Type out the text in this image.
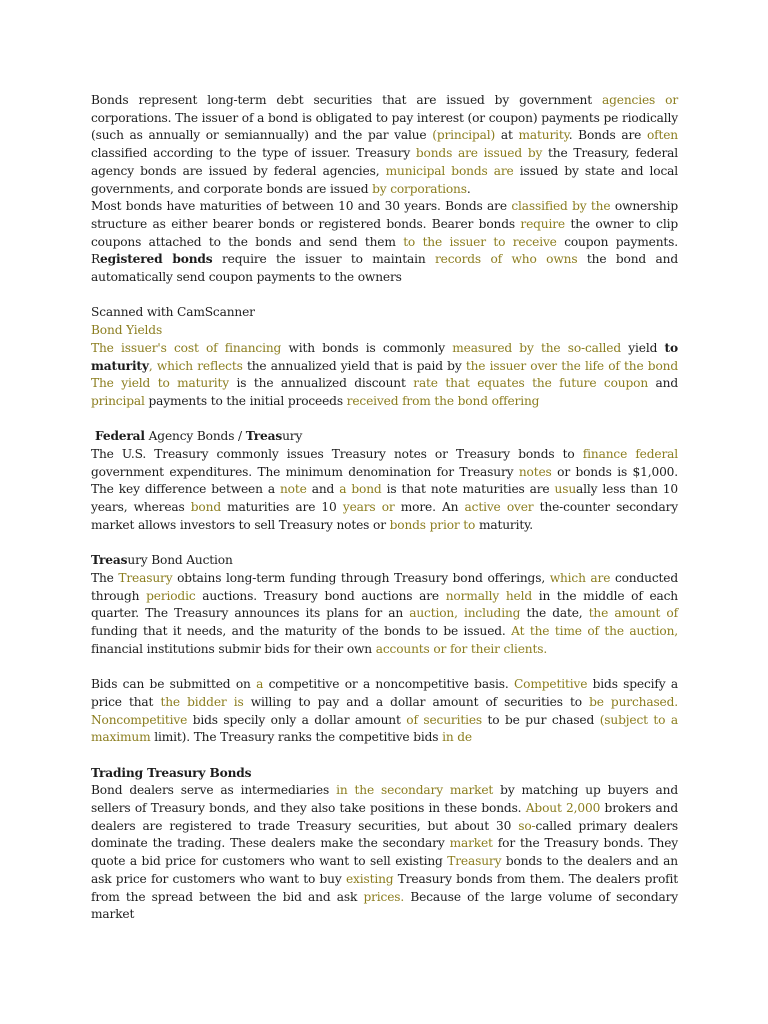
Bonds represent long-term debt securities that are issued by government agencies or corporations. The issuer of a bond is obligated to pay interest (or coupon) payments pe riodically (such as annually or semiannually) and the par value (principal) at maturity. Bonds are often classified according to the type of issuer. Treasury bonds are issued by the Treasury, federal agency bonds are issued by federal agencies, municipal bonds are issued by state and local governments, and corporate bonds are issued by corporations.

Most bonds have maturities of between 10 and 30 years. Bonds are classified by the ownership structure as either bearer bonds or registered bonds. Bearer bonds require the owner to clip coupons attached to the bonds and send them to the issuer to receive coupon payments. Registered bonds require the issuer to maintain records of who owns the bond and automatically send coupon payments to the owners

Scanned with CamScanner

Bond Yields

The issuer's cost of financing with bonds is commonly measured by the so-called yield to maturity, which reflects the annualized yield that is paid by the issuer over the life of the bond The yield to maturity is the annualized discount rate that equates the future coupon and principal payments to the initial proceeds received from the bond offering

Federal Agency Bonds / Treasury

The U.S. Treasury commonly issues Treasury notes or Treasury bonds to finance federal government expenditures. The minimum denomination for Treasury notes or bonds is $1,000. The key difference between a note and a bond is that note maturities are usually less than 10 years, whereas bond maturities are 10 years or more. An active over the-counter secondary market allows investors to sell Treasury notes or bonds prior to maturity.

Treasury Bond Auction

The Treasury obtains long-term funding through Treasury bond offerings, which are conducted through periodic auctions. Treasury bond auctions are normally held in the middle of each quarter. The Treasury announces its plans for an auction, including the date, the amount of funding that it needs, and the maturity of the bonds to be issued. At the time of the auction, financial institutions submir bids for their own accounts or for their clients.

Bids can be submitted on a competitive or a noncompetitive basis. Competitive bids specify a price that the bidder is willing to pay and a dollar amount of securities to be purchased. Noncompetitive bids specily only a dollar amount of securities to be pur chased (subject to a maximum limit). The Treasury ranks the competitive bids in de

Trading Treasury Bonds

Bond dealers serve as intermediaries in the secondary market by matching up buyers and sellers of Treasury bonds, and they also take positions in these bonds. About 2,000 brokers and dealers are registered to trade Treasury securities, but about 30 so-called primary dealers dominate the trading. These dealers make the secondary market for the Treasury bonds. They quote a bid price for customers who want to sell existing Treasury bonds to the dealers and an ask price for customers who want to buy existing Treasury bonds from them. The dealers profit from the spread between the bid and ask prices. Because of the large volume of secondary market
